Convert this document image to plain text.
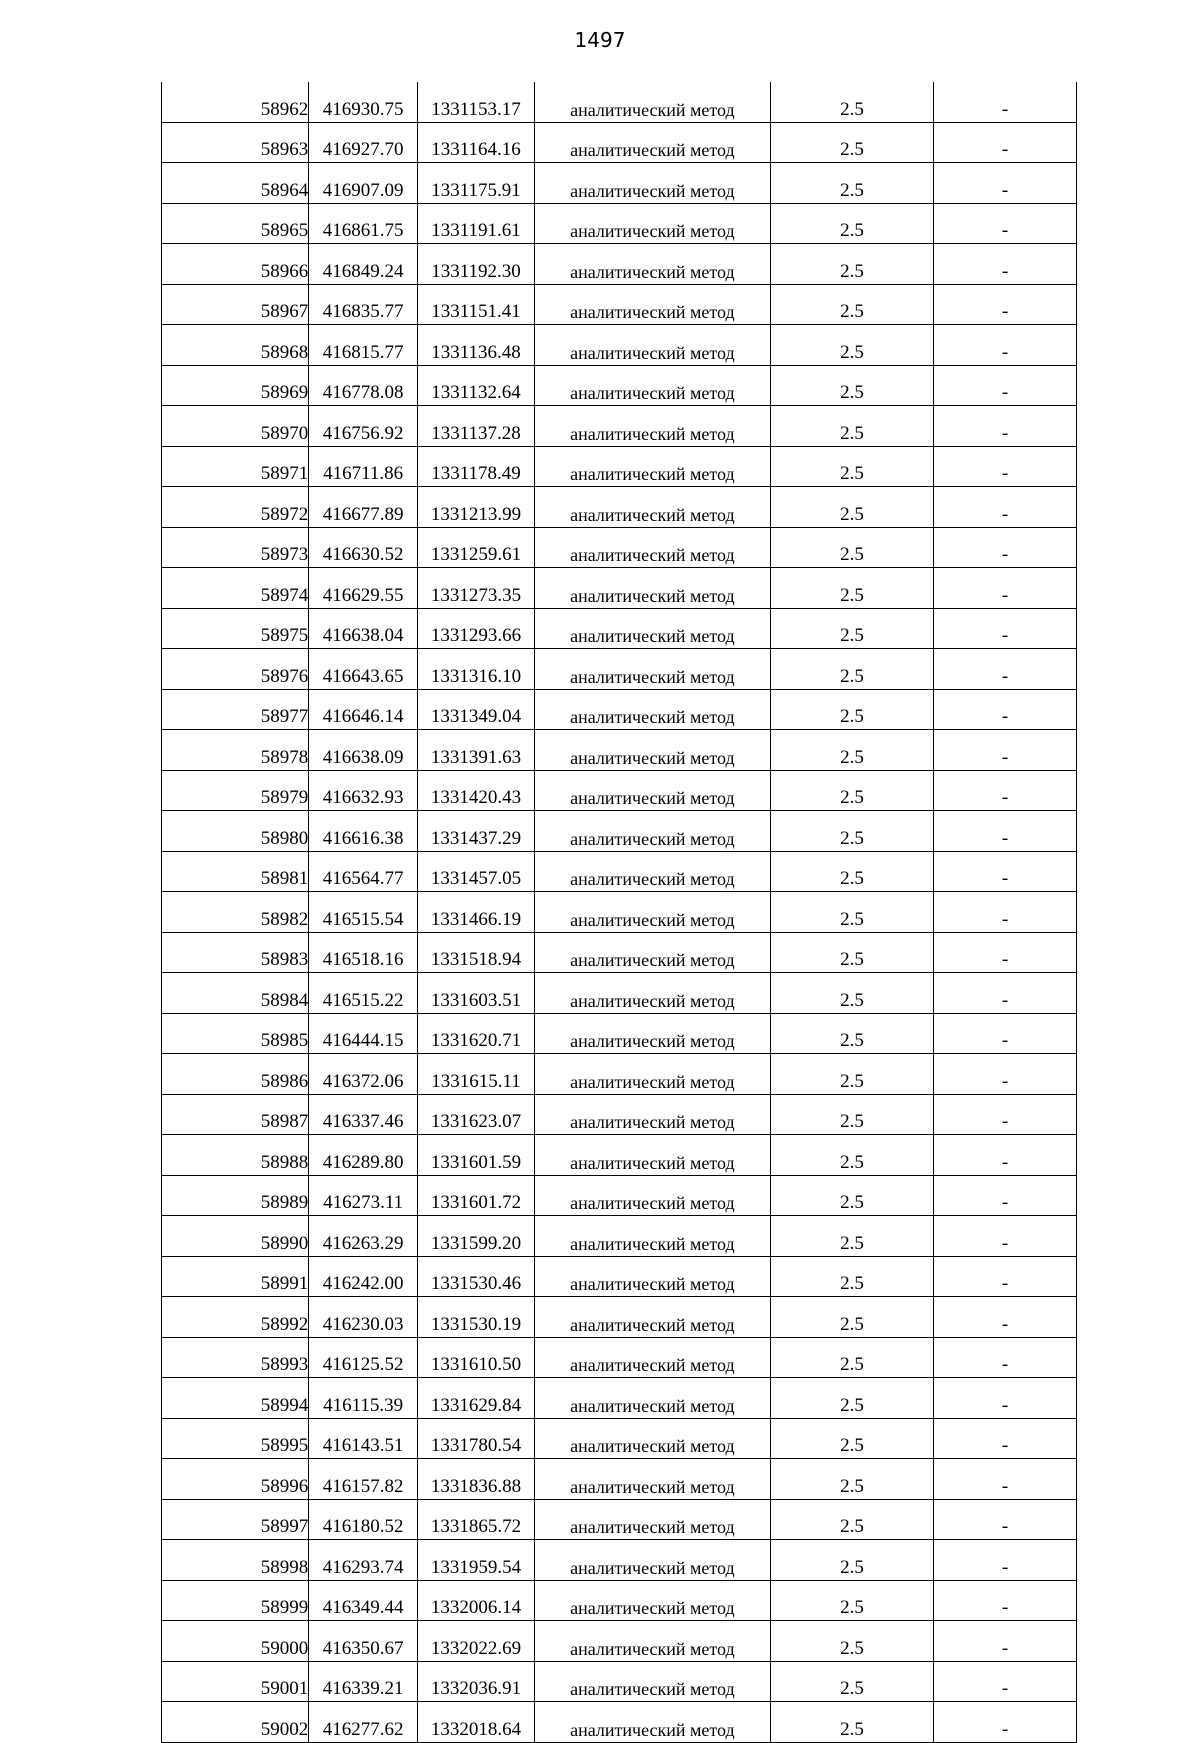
1497
58962	416930.75	1331153.17	аналитический метод	2.5	-
58963	416927.70	1331164.16	аналитический метод	2.5	-
58964	416907.09	1331175.91	аналитический метод	2.5	-
58965	416861.75	1331191.61	аналитический метод	2.5	-
58966	416849.24	1331192.30	аналитический метод	2.5	-
58967	416835.77	1331151.41	аналитический метод	2.5	-
58968	416815.77	1331136.48	аналитический метод	2.5	-
58969	416778.08	1331132.64	аналитический метод	2.5	-
58970	416756.92	1331137.28	аналитический метод	2.5	-
58971	416711.86	1331178.49	аналитический метод	2.5	-
58972	416677.89	1331213.99	аналитический метод	2.5	-
58973	416630.52	1331259.61	аналитический метод	2.5	-
58974	416629.55	1331273.35	аналитический метод	2.5	-
58975	416638.04	1331293.66	аналитический метод	2.5	-
58976	416643.65	1331316.10	аналитический метод	2.5	-
58977	416646.14	1331349.04	аналитический метод	2.5	-
58978	416638.09	1331391.63	аналитический метод	2.5	-
58979	416632.93	1331420.43	аналитический метод	2.5	-
58980	416616.38	1331437.29	аналитический метод	2.5	-
58981	416564.77	1331457.05	аналитический метод	2.5	-
58982	416515.54	1331466.19	аналитический метод	2.5	-
58983	416518.16	1331518.94	аналитический метод	2.5	-
58984	416515.22	1331603.51	аналитический метод	2.5	-
58985	416444.15	1331620.71	аналитический метод	2.5	-
58986	416372.06	1331615.11	аналитический метод	2.5	-
58987	416337.46	1331623.07	аналитический метод	2.5	-
58988	416289.80	1331601.59	аналитический метод	2.5	-
58989	416273.11	1331601.72	аналитический метод	2.5	-
58990	416263.29	1331599.20	аналитический метод	2.5	-
58991	416242.00	1331530.46	аналитический метод	2.5	-
58992	416230.03	1331530.19	аналитический метод	2.5	-
58993	416125.52	1331610.50	аналитический метод	2.5	-
58994	416115.39	1331629.84	аналитический метод	2.5	-
58995	416143.51	1331780.54	аналитический метод	2.5	-
58996	416157.82	1331836.88	аналитический метод	2.5	-
58997	416180.52	1331865.72	аналитический метод	2.5	-
58998	416293.74	1331959.54	аналитический метод	2.5	-
58999	416349.44	1332006.14	аналитический метод	2.5	-
59000	416350.67	1332022.69	аналитический метод	2.5	-
59001	416339.21	1332036.91	аналитический метод	2.5	-
59002	416277.62	1332018.64	аналитический метод	2.5	-
